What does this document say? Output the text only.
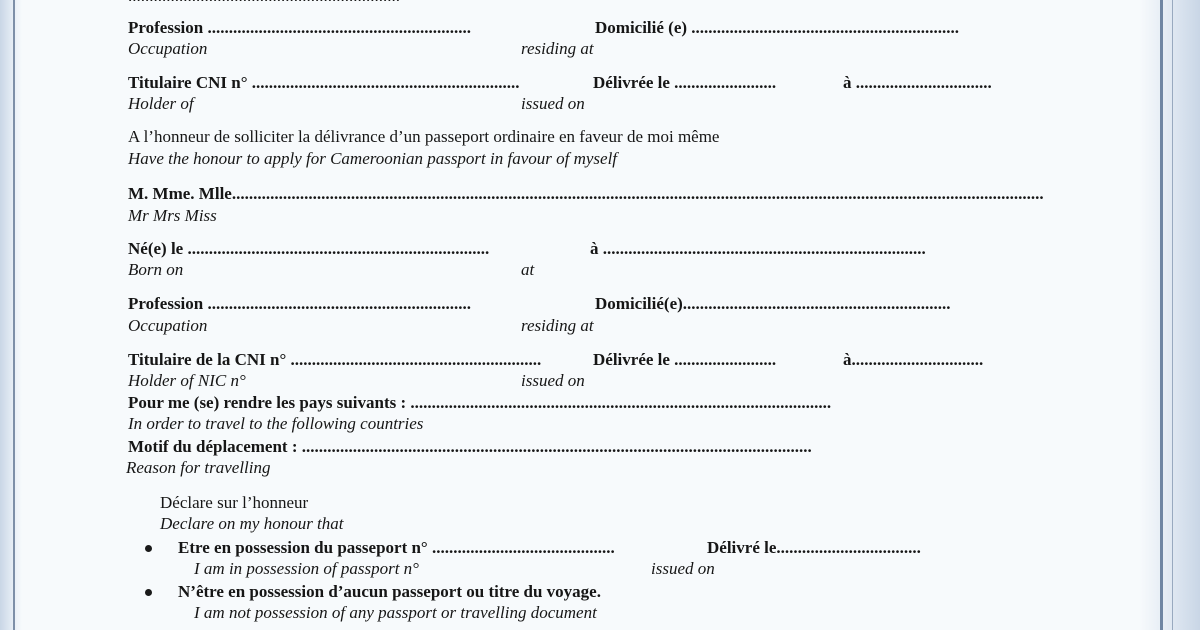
Profession ..............................................................	Domicilié (e) ...............................................................
Occupation	residing at
Titulaire CNI n° ...............................................................	Délivrée le ........................	à ................................
Holder of	issued on
A l’honneur de solliciter la délivrance d’un passeport ordinaire en faveur de moi même
Have the honour to apply for Cameroonian passport in favour of myself
M. Mme. Mlle...............................................................................................................................................................................................
Mr Mrs Miss
Né(e) le .......................................................................	à ............................................................................
Born on	at
Profession ..............................................................	Domicilié(e)...............................................................
Occupation	residing at
Titulaire de la CNI n° ...........................................................	Délivrée le ........................	à...............................
Holder of NIC n°	issued on
Pour me (se) rendre les pays suivants : ...................................................................................................
In order to travel to the following countries
Motif du déplacement : ........................................................................................................................
Reason for travelling
Déclare sur l’honneur
Declare on my honour that
Etre en possession du passeport n° ...........................................	Délivré le..................................
I am in possession of passport n°	issued on
N’être en possession d’aucun passeport ou titre du voyage.
I am not possession of any passport or travelling document
